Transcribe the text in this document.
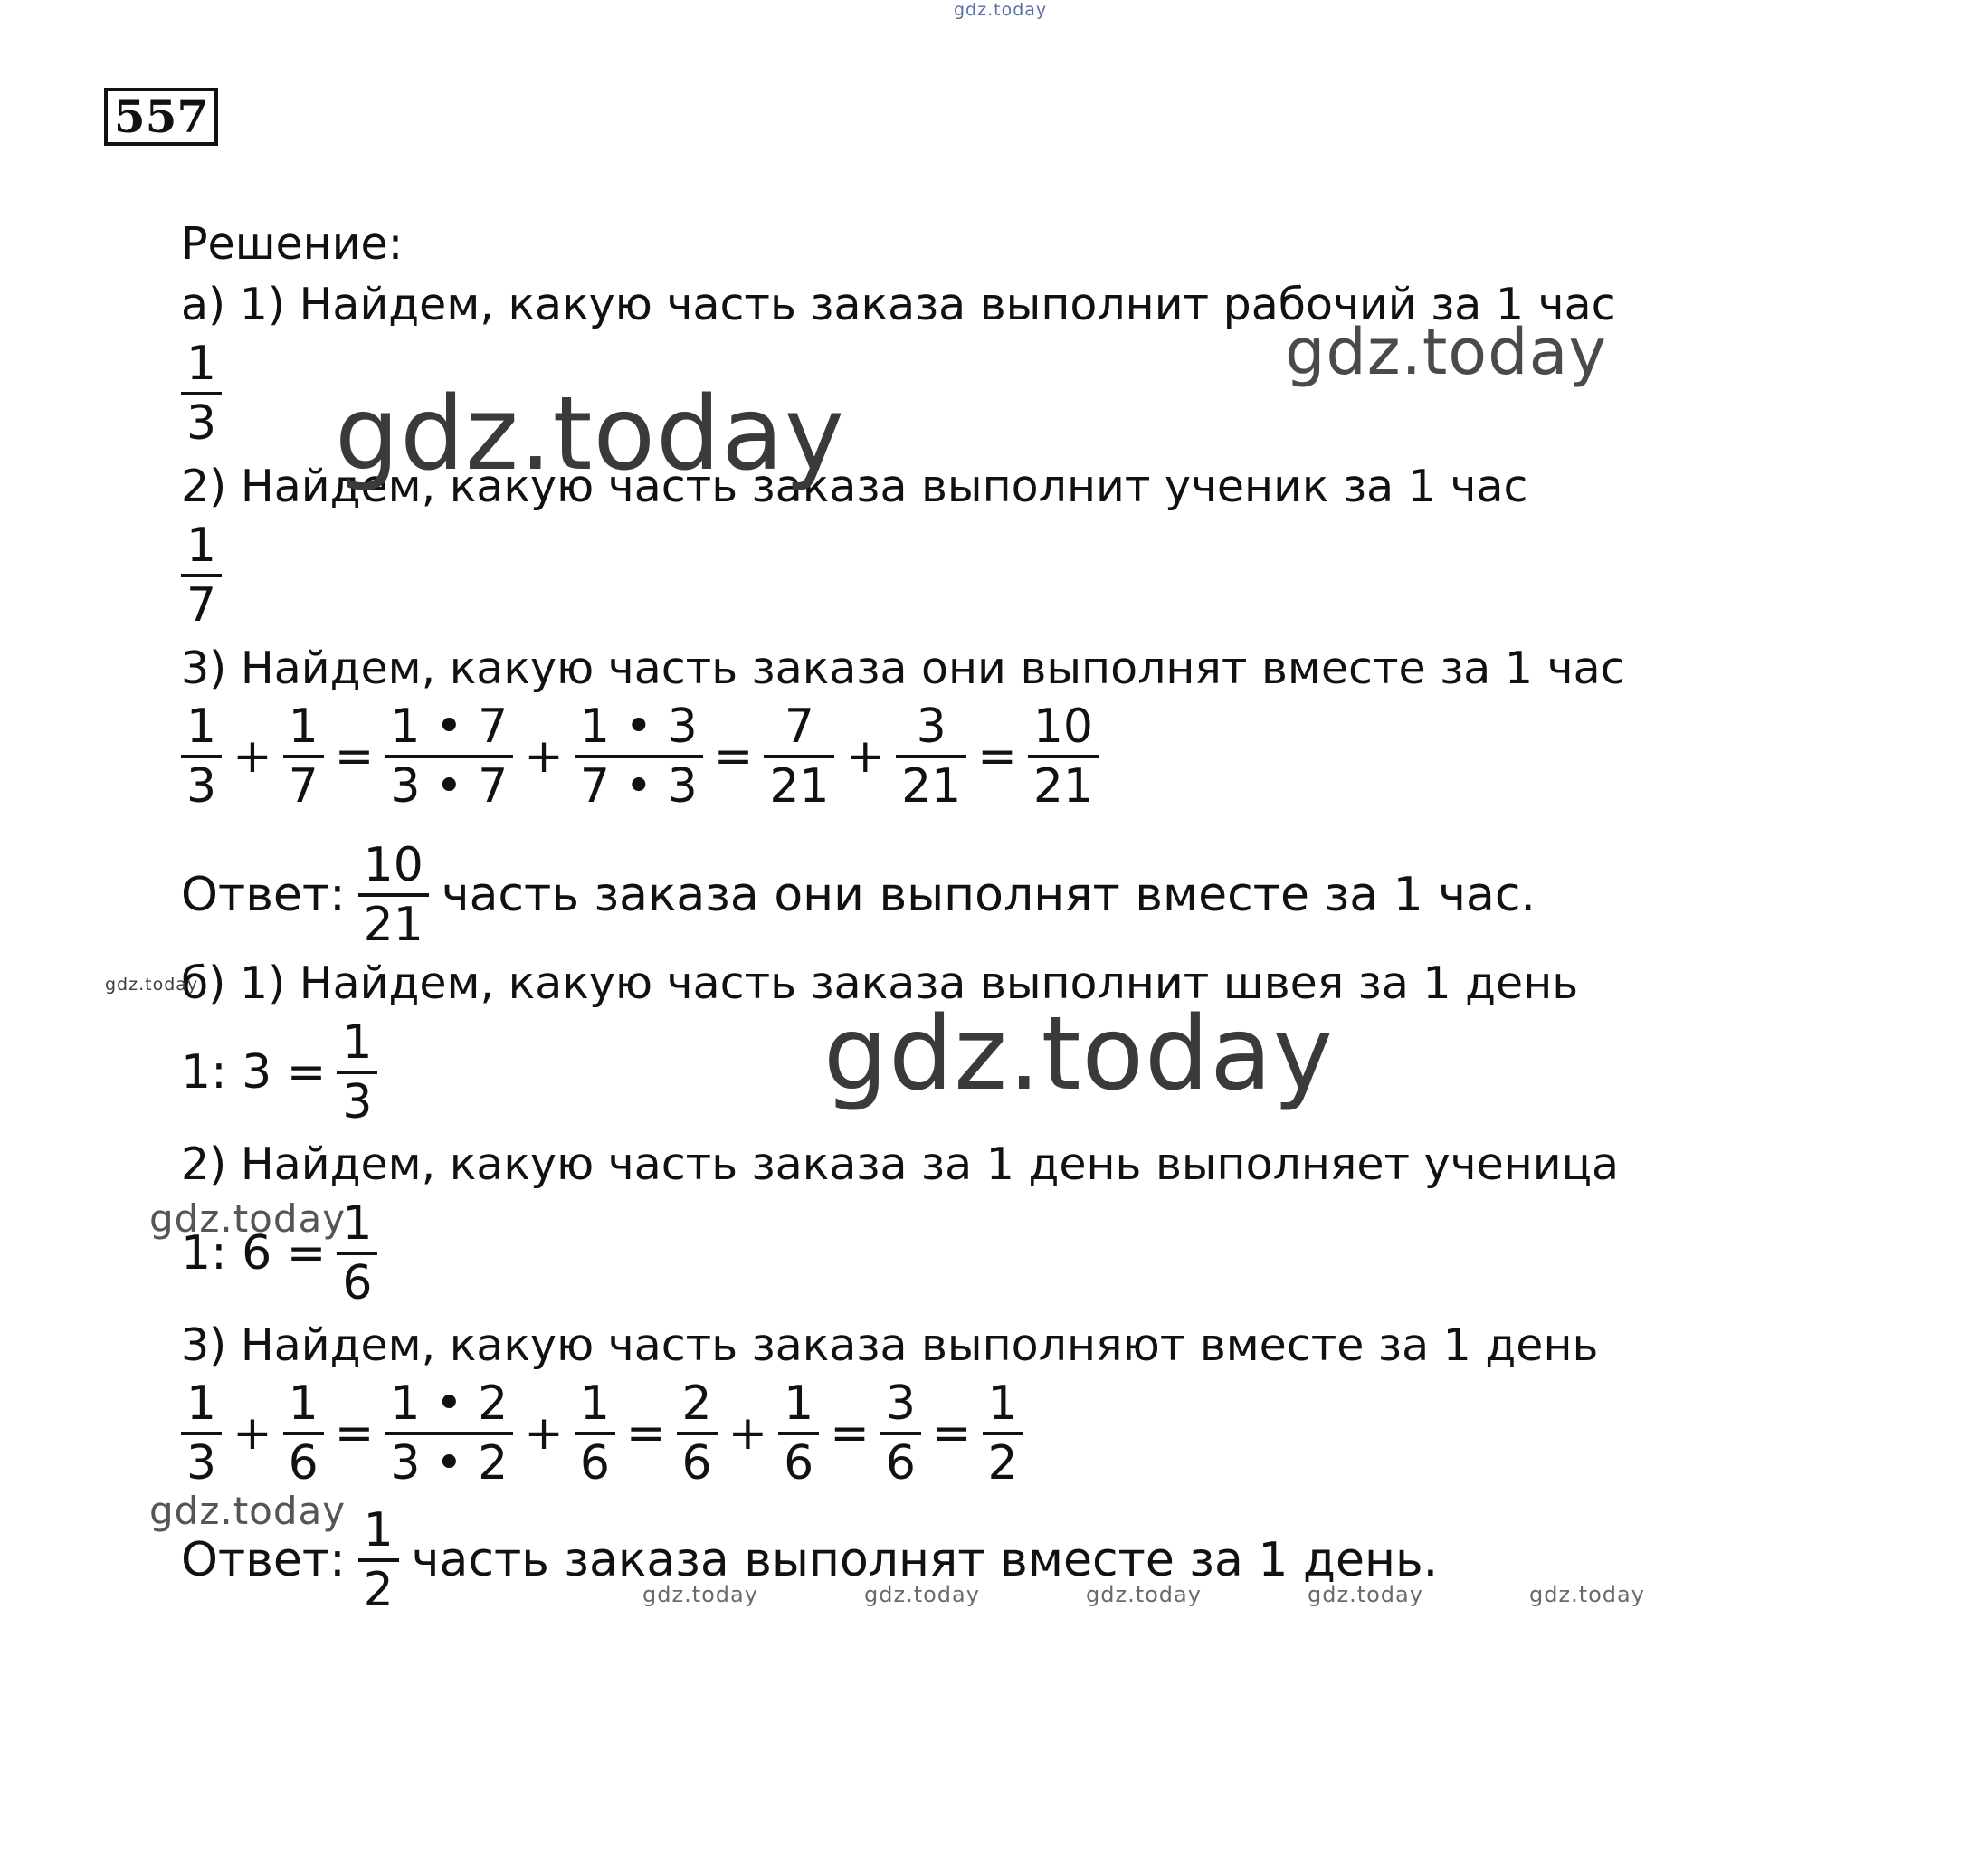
gdz.today
557
Решение:
а) 1) Найдем, какую часть заказа выполнит рабочий за 1 час
$\frac{1}{3}$
2) Найдем, какую часть заказа выполнит ученик за 1 час
$\frac{1}{7}$
3) Найдем, какую часть заказа они выполнят вместе за 1 час
$\frac{1}{3} + \frac{1}{7} = \frac{1 • 7}{3 • 7} + \frac{1 • 3}{7 • 3} = \frac{7}{21} + \frac{3}{21} = \frac{10}{21}$
Ответ: $\frac{10}{21}$ часть заказа они выполнят вместе за 1 час.
б) 1) Найдем, какую часть заказа выполнит швея за 1 день
1: $3 = \frac{1}{3}$
2) Найдем, какую часть заказа за 1 день выполняет ученица
1: $6 = \frac{1}{6}$
3) Найдем, какую часть заказа выполняют вместе за 1 день
$\frac{1}{3} + \frac{1}{6} = \frac{1 • 2}{3 • 2} + \frac{1}{6} = \frac{2}{6} + \frac{1}{6} = \frac{3}{6} = \frac{1}{2}$
Ответ: $\frac{1}{2}$ часть заказа выполнят вместе за 1 день.
gdz.today
gdz.today
gdz.today
gdz.today
gdz.today
gdz.today
gdz.today	gdz.today	gdz.today	gdz.today	gdz.today
